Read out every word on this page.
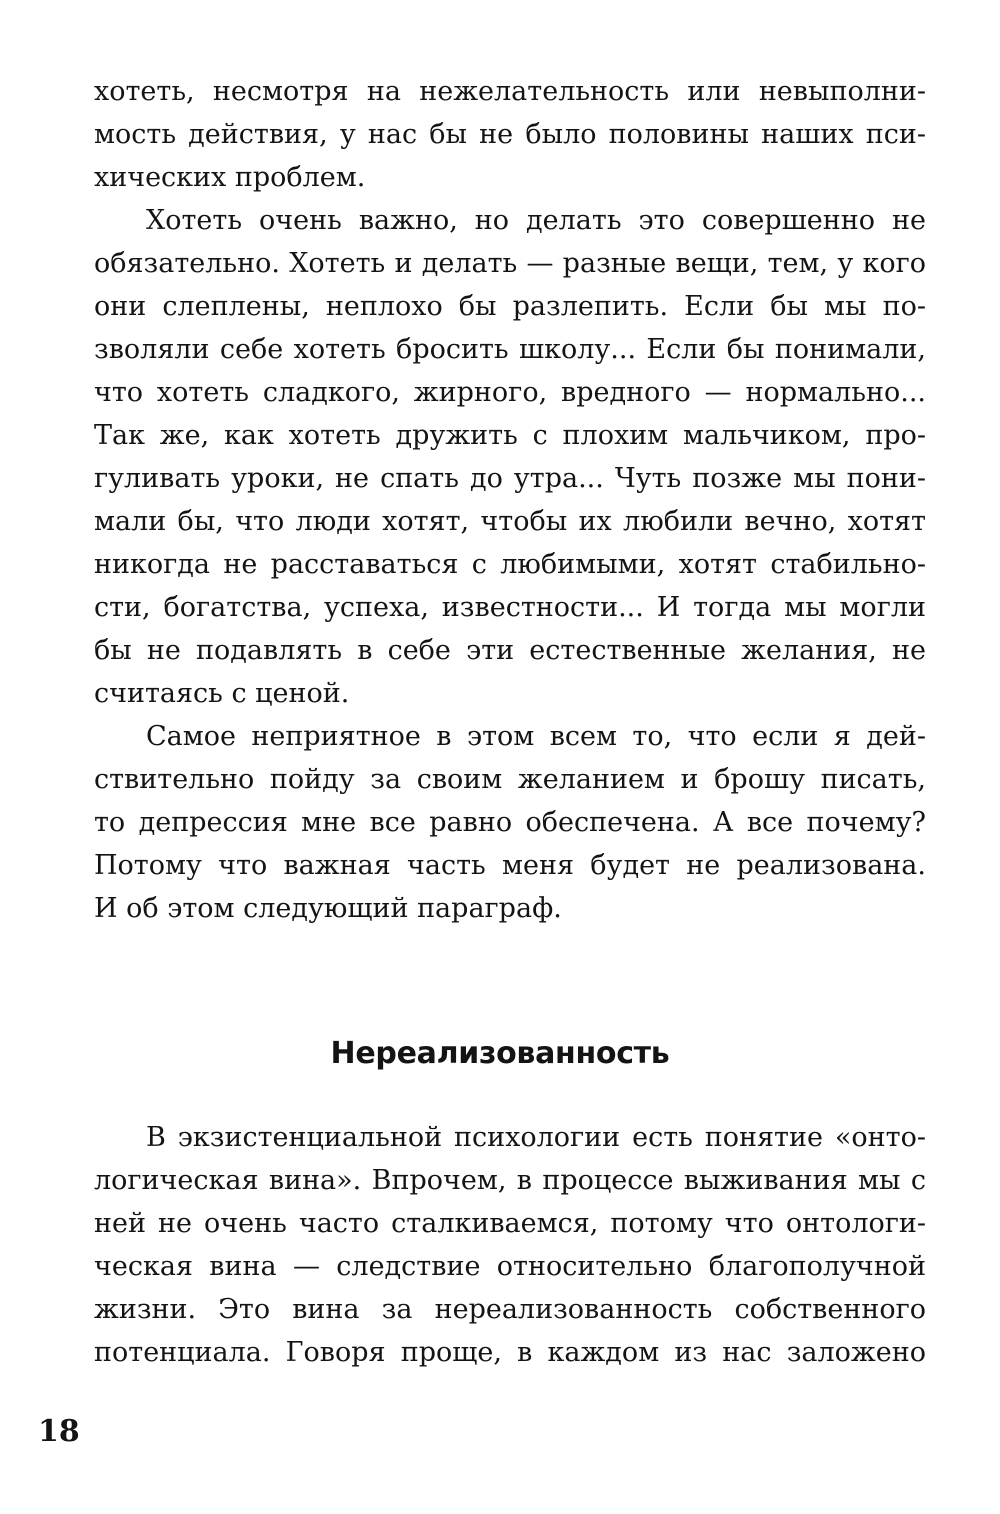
хотеть, несмотря на нежелательность или невыполни-
мость действия, у нас бы не было половины наших пси-
хических проблем.
Хотеть очень важно, но делать это совершенно не
обязательно. Хотеть и делать — разные вещи, тем, у кого
они слеплены, неплохо бы разлепить. Если бы мы по-
зволяли себе хотеть бросить школу... Если бы понимали,
что хотеть сладкого, жирного, вредного — нормально...
Так же, как хотеть дружить с плохим мальчиком, про-
гуливать уроки, не спать до утра... Чуть позже мы пони-
мали бы, что люди хотят, чтобы их любили вечно, хотят
никогда не расставаться с любимыми, хотят стабильно-
сти, богатства, успеха, известности... И тогда мы могли
бы не подавлять в себе эти естественные желания, не
считаясь с ценой.
Самое неприятное в этом всем то, что если я дей-
ствительно пойду за своим желанием и брошу писать,
то депрессия мне все равно обеспечена. А все почему?
Потому что важная часть меня будет не реализована.
И об этом следующий параграф.
Нереализованность
В экзистенциальной психологии есть понятие «онто-
логическая вина». Впрочем, в процессе выживания мы с
ней не очень часто сталкиваемся, потому что онтологи-
ческая вина — следствие относительно благополучной
жизни. Это вина за нереализованность собственного
потенциала. Говоря проще, в каждом из нас заложено
18
